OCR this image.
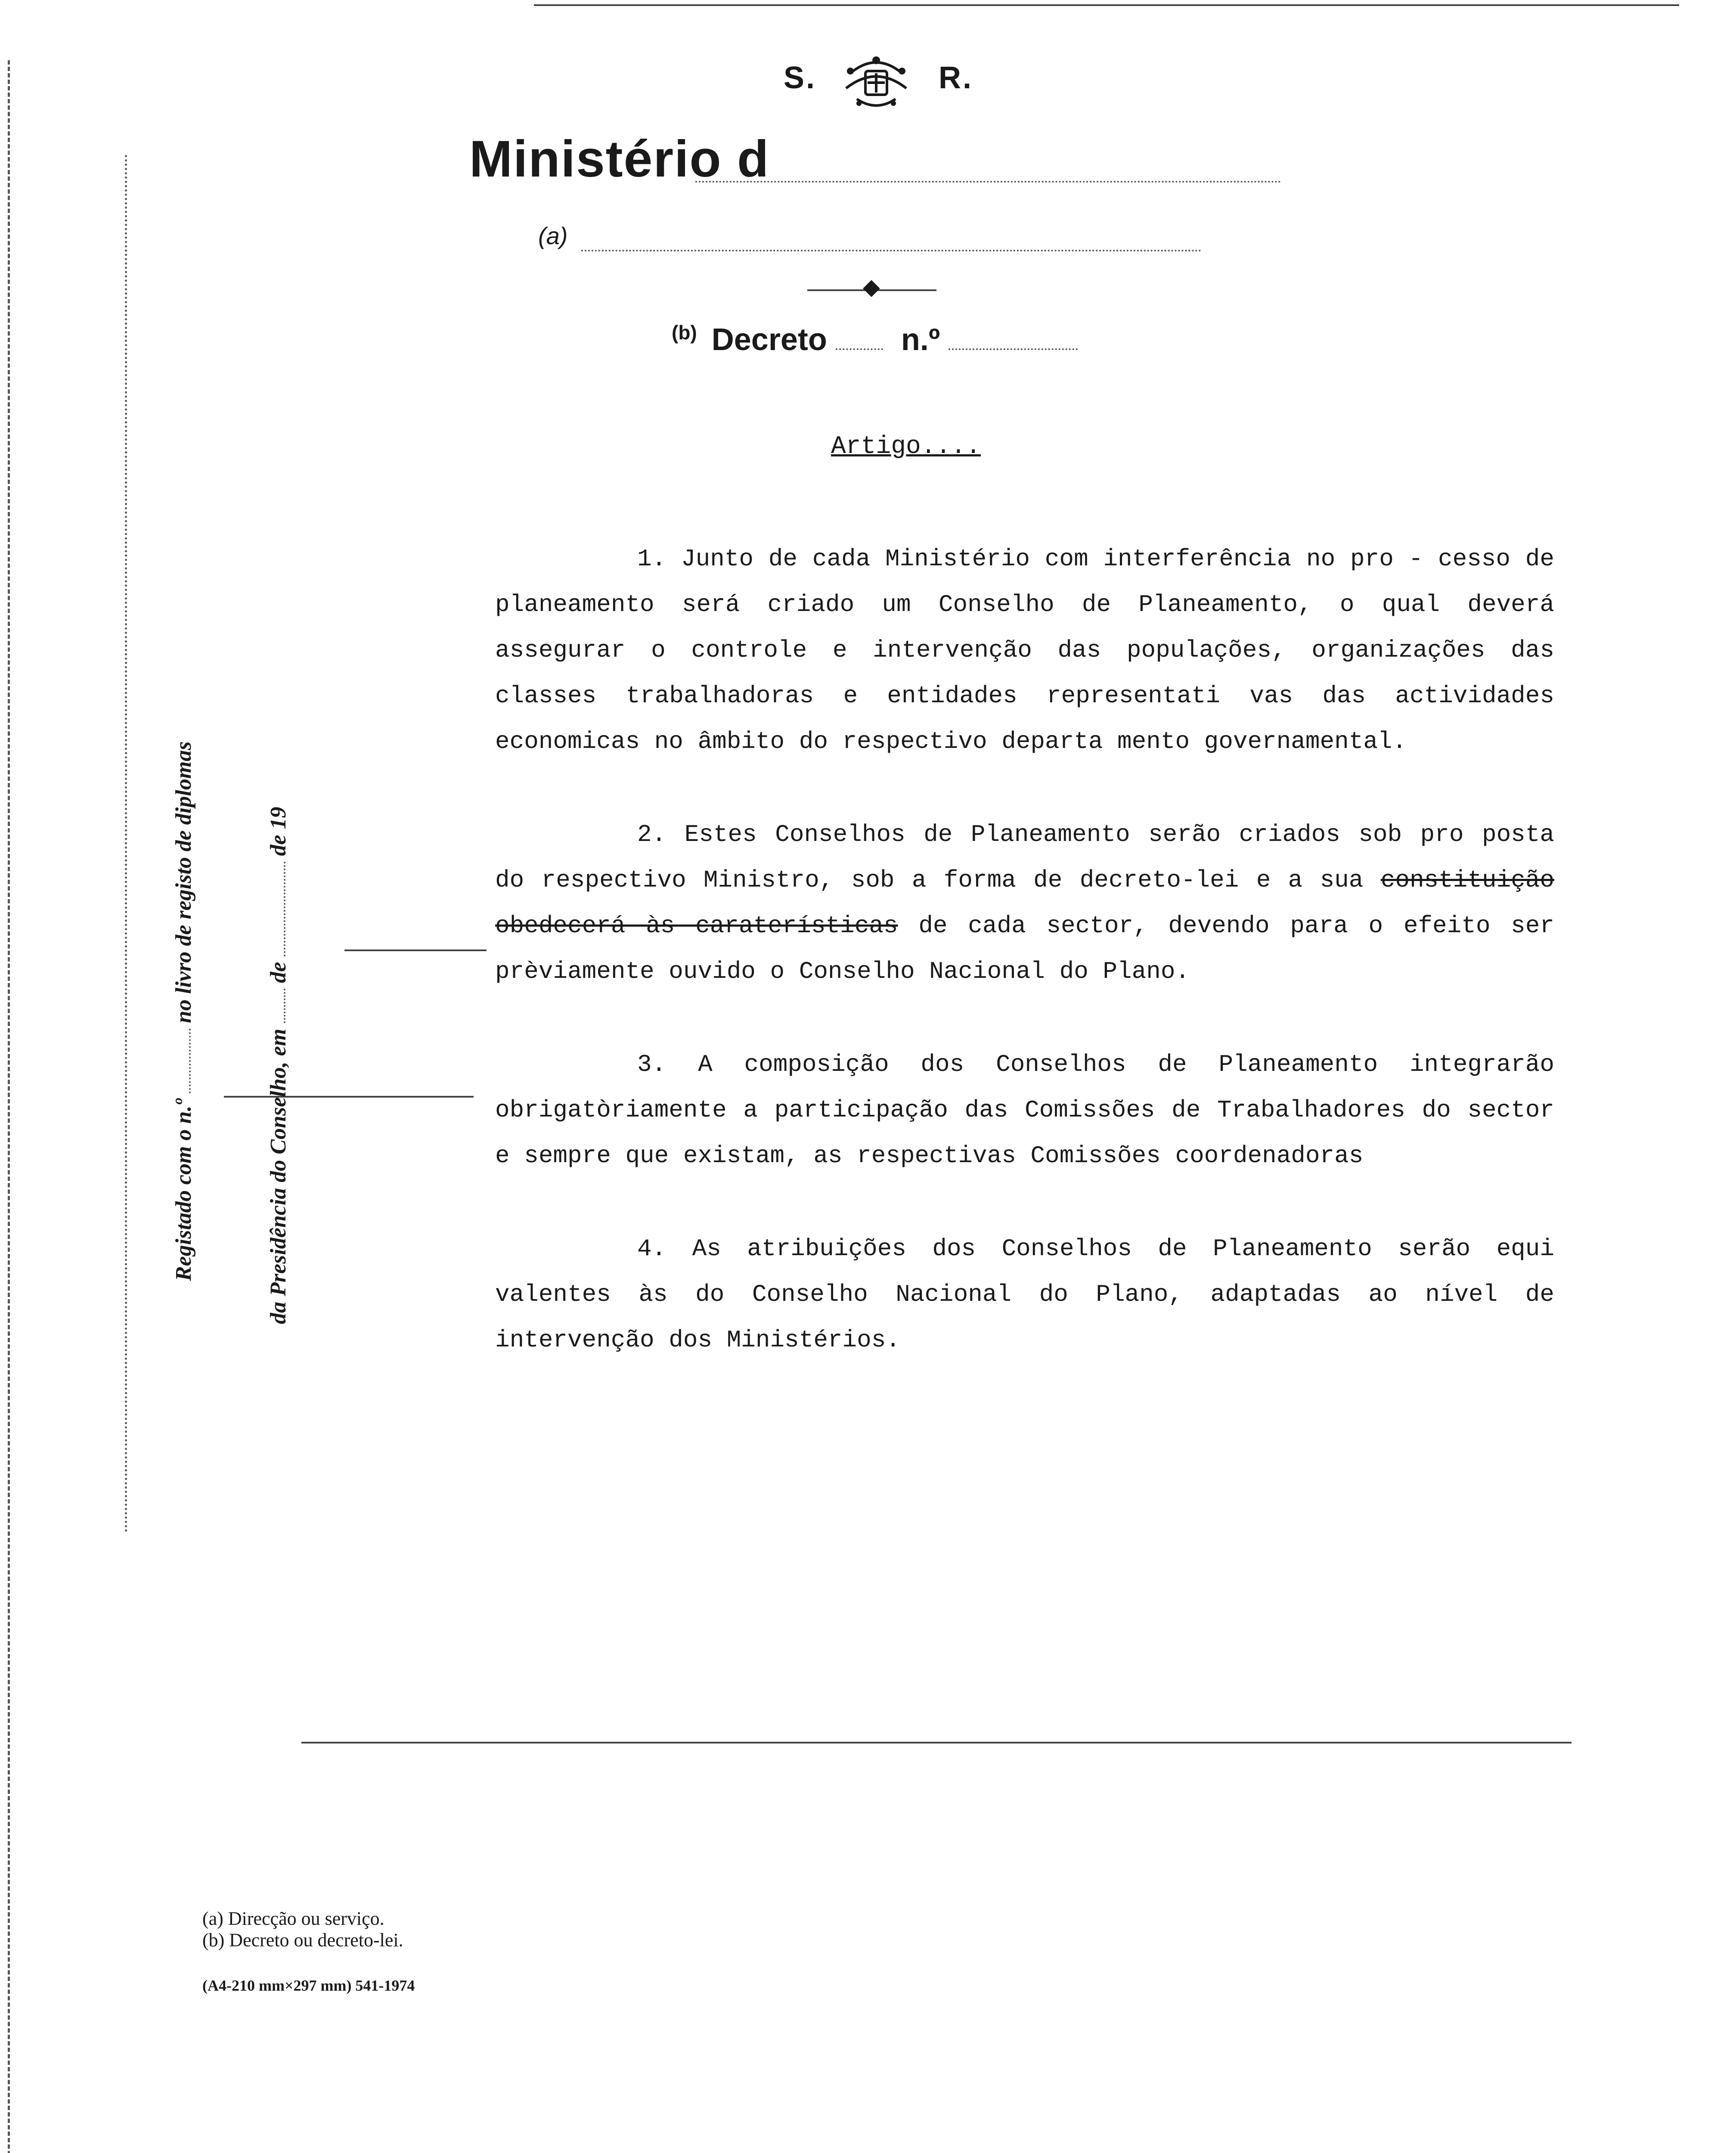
S.	R.
Ministério d
(a)
$^{(b)}$ Decreto n.º
Artigo....

1. Junto de cada Ministério com interferência no pro - cesso de planeamento será criado um Conselho de Planeamento, o qual deverá assegurar o controle e intervenção das populações, organizações das classes trabalhadoras e entidades representati vas das actividades economicas no âmbito do respectivo departa mento governamental.

2. Estes Conselhos de Planeamento serão criados sob pro posta do respectivo Ministro, sob a forma de decreto-lei e a sua constituição obedecerá às caraterísticas de cada sector, devendo para o efeito ser prèviamente ouvido o Conselho Nacional do Plano.

3. A composição dos Conselhos de Planeamento integrarão obrigatòriamente a participação das Comissões de Trabalhadores do sector e sempre que existam, as respectivas Comissões coordenadoras

4. As atribuições dos Conselhos de Planeamento serão equi valentes às do Conselho Nacional do Plano, adaptadas ao nível de intervenção dos Ministérios.

Registado com o n.º  no livro de registo de diplomas
da Presidência do Conselho, em  de  de 19
(a) Direcção ou serviço.
(b) Decreto ou decreto-lei.
(A4-210 mm×297 mm) 541-1974
